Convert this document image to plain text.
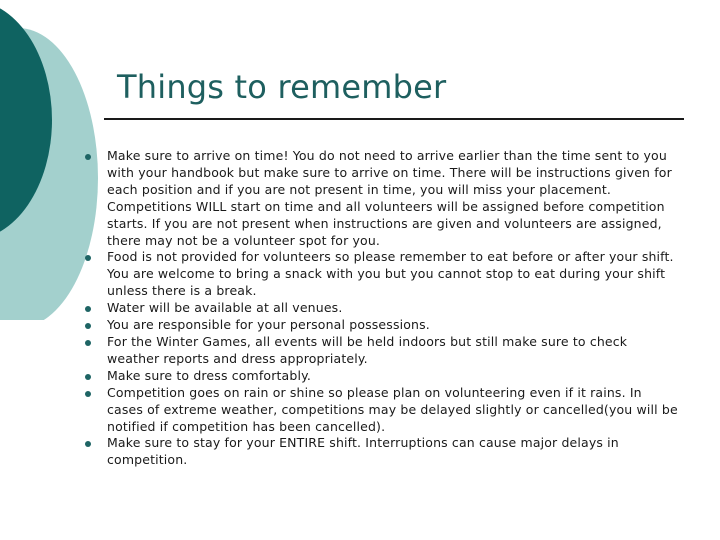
Things to remember
Make sure to arrive on time! You do not need to arrive earlier than the time sent to you with your handbook but make sure to arrive on time. There will be instructions given for each position and if you are not present in time, you will miss your placement. Competitions WILL start on time and all volunteers will be assigned before competition starts. If you are not present when instructions are given and volunteers are assigned, there may not be a volunteer spot for you.
Food is not provided for volunteers so please remember to eat before or after your shift. You are welcome to bring a snack with you but you cannot stop to eat during your shift unless there is a break.
Water will be available at all venues.
You are responsible for your personal possessions.
For the Winter Games, all events will be held indoors but still make sure to check weather reports and dress appropriately.
Make sure to dress comfortably.
Competition goes on rain or shine so please plan on volunteering even if it rains. In cases of extreme weather, competitions may be delayed slightly or cancelled(you will be notified if competition has been cancelled).
Make sure to stay for your ENTIRE shift. Interruptions can cause major delays in competition.
